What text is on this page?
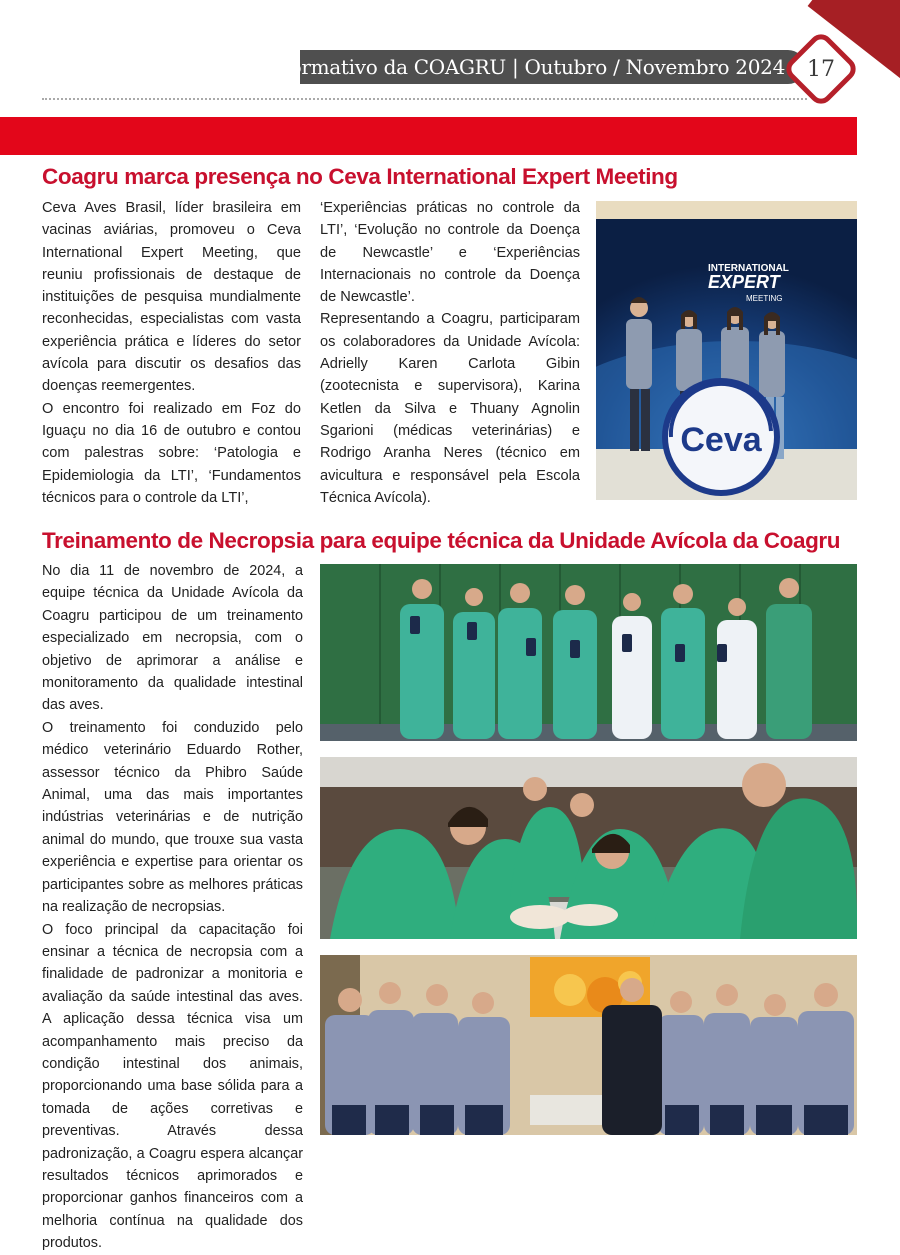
Informativo da COAGRU | Outubro / Novembro 2024	17
Coagru marca presença no Ceva International Expert Meeting

Ceva Aves Brasil, líder brasileira em vacinas aviárias, promoveu o Ceva International Expert Meeting, que reuniu profissionais de destaque de instituições de pesquisa mundialmente reconhecidas, especialistas com vasta experiência prática e líderes do setor avícola para discutir os desafios das doenças reemergentes.

O encontro foi realizado em Foz do Iguaçu no dia 16 de outubro e contou com palestras sobre: ‘Patologia e Epidemiologia da LTI’, ‘Fundamentos técnicos para o controle da LTI’,

‘Experiências práticas no controle da LTI’, ‘Evolução no controle da Doença de Newcastle’ e ‘Experiências Internacionais no controle da Doença de Newcastle’.

Representando a Coagru, participaram os colaboradores da Unidade Avícola: Adrielly Karen Carlota Gibin (zootecnista e supervisora), Karina Ketlen da Silva e Thuany Agnolin Sgarioni (médicas veterinárias) e Rodrigo Aranha Neres (técnico em avicultura e responsável pela Escola Técnica Avícola).

INTERNATIONAL
EXPERT
MEETING
Ceva
Treinamento de Necropsia para equipe técnica da Unidade Avícola da Coagru

No dia 11 de novembro de 2024, a equipe técnica da Unidade Avícola da Coagru participou de um treinamento especializado em necropsia, com o objetivo de aprimorar a análise e monitoramento da qualidade intestinal das aves.

O treinamento foi conduzido pelo médico veterinário Eduardo Rother, assessor técnico da Phibro Saúde Animal, uma das mais importantes indústrias veterinárias e de nutrição animal do mundo, que trouxe sua vasta experiência e expertise para orientar os participantes sobre as melhores práticas na realização de necropsias.

O foco principal da capacitação foi ensinar a técnica de necropsia com a finalidade de padronizar a monitoria e avaliação da saúde intestinal das aves. A aplicação dessa técnica visa um acompanhamento mais preciso da condição intestinal dos animais, proporcionando uma base sólida para a tomada de ações corretivas e preventivas. Através dessa padronização, a Coagru espera alcançar resultados técnicos aprimorados e proporcionar ganhos financeiros com a melhoria contínua na qualidade dos produtos.
